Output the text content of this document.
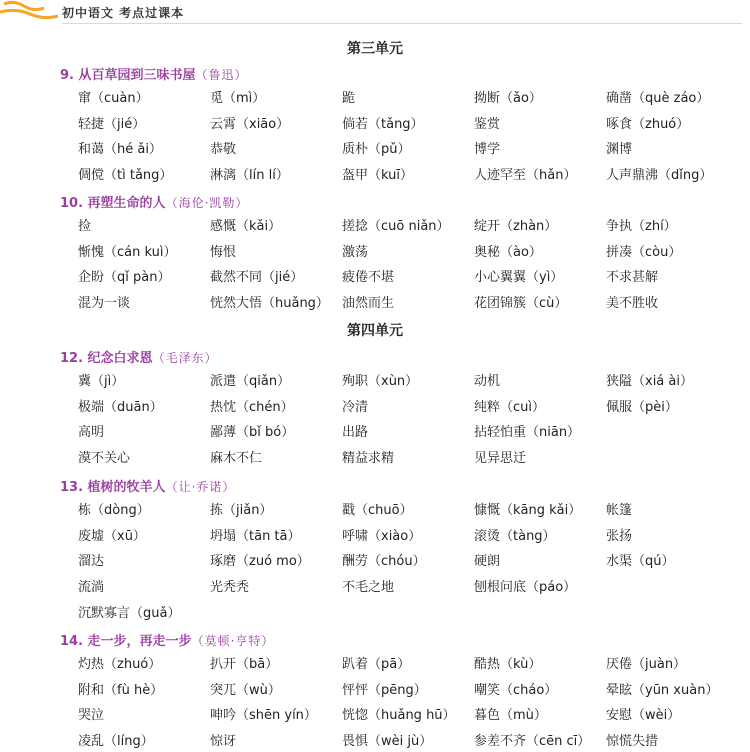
初中语文 考点过课本
第三单元
9. 从百草园到三味书屋（鲁迅）
窜（cuàn）	觅（mì）	跪	拗断（ǎo）	确凿（què záo）
轻捷（jié）	云霄（xiāo）	倘若（tǎng）	鉴赏	啄食（zhuó）
和蔼（hé ǎi）	恭敬	质朴（pǔ）	博学	渊博
倜傥（tì tǎng）	淋漓（lín lí）	盔甲（kuī）	人迹罕至（hǎn）	人声鼎沸（dǐng）
10. 再塑生命的人（海伦·凯勒）
捡	感慨（kǎi）	搓捻（cuō niǎn）	绽开（zhàn）	争执（zhí）
惭愧（cán kuì）	悔恨	激荡	奥秘（ào）	拼凑（còu）
企盼（qǐ pàn）	截然不同（jié）	疲倦不堪	小心翼翼（yì）	不求甚解
混为一谈	恍然大悟（huǎng）	油然而生	花团锦簇（cù）	美不胜收
第四单元
12. 纪念白求恩（毛泽东）
冀（jì）	派遣（qiǎn）	殉职（xùn）	动机	狭隘（xiá ài）
极端（duān）	热忱（chén）	冷清	纯粹（cuì）	佩服（pèi）
高明	鄙薄（bǐ bó）	出路	拈轻怕重（niān）
漠不关心	麻木不仁	精益求精	见异思迁
13. 植树的牧羊人（让·乔诺）
栋（dòng）	拣（jiǎn）	戳（chuō）	慷慨（kāng kǎi）	帐篷
废墟（xū）	坍塌（tān tā）	呼啸（xiào）	滚烫（tàng）	张扬
溜达	琢磨（zuó mo）	酬劳（chóu）	硬朗	水渠（qú）
流淌	光秃秃	不毛之地	刨根问底（páo）
沉默寡言（guǎ）
14. 走一步，再走一步（莫顿·亨特）
灼热（zhuó）	扒开（bā）	趴着（pā）	酷热（kù）	厌倦（juàn）
附和（fù hè）	突兀（wù）	怦怦（pēng）	嘲笑（cháo）	晕眩（yūn xuàn）
哭泣	呻吟（shēn yín）	恍惚（huǎng hū）	暮色（mù）	安慰（wèi）
凌乱（líng）	惊讶	畏惧（wèi jù）	参差不齐（cēn cī）	惊慌失措
